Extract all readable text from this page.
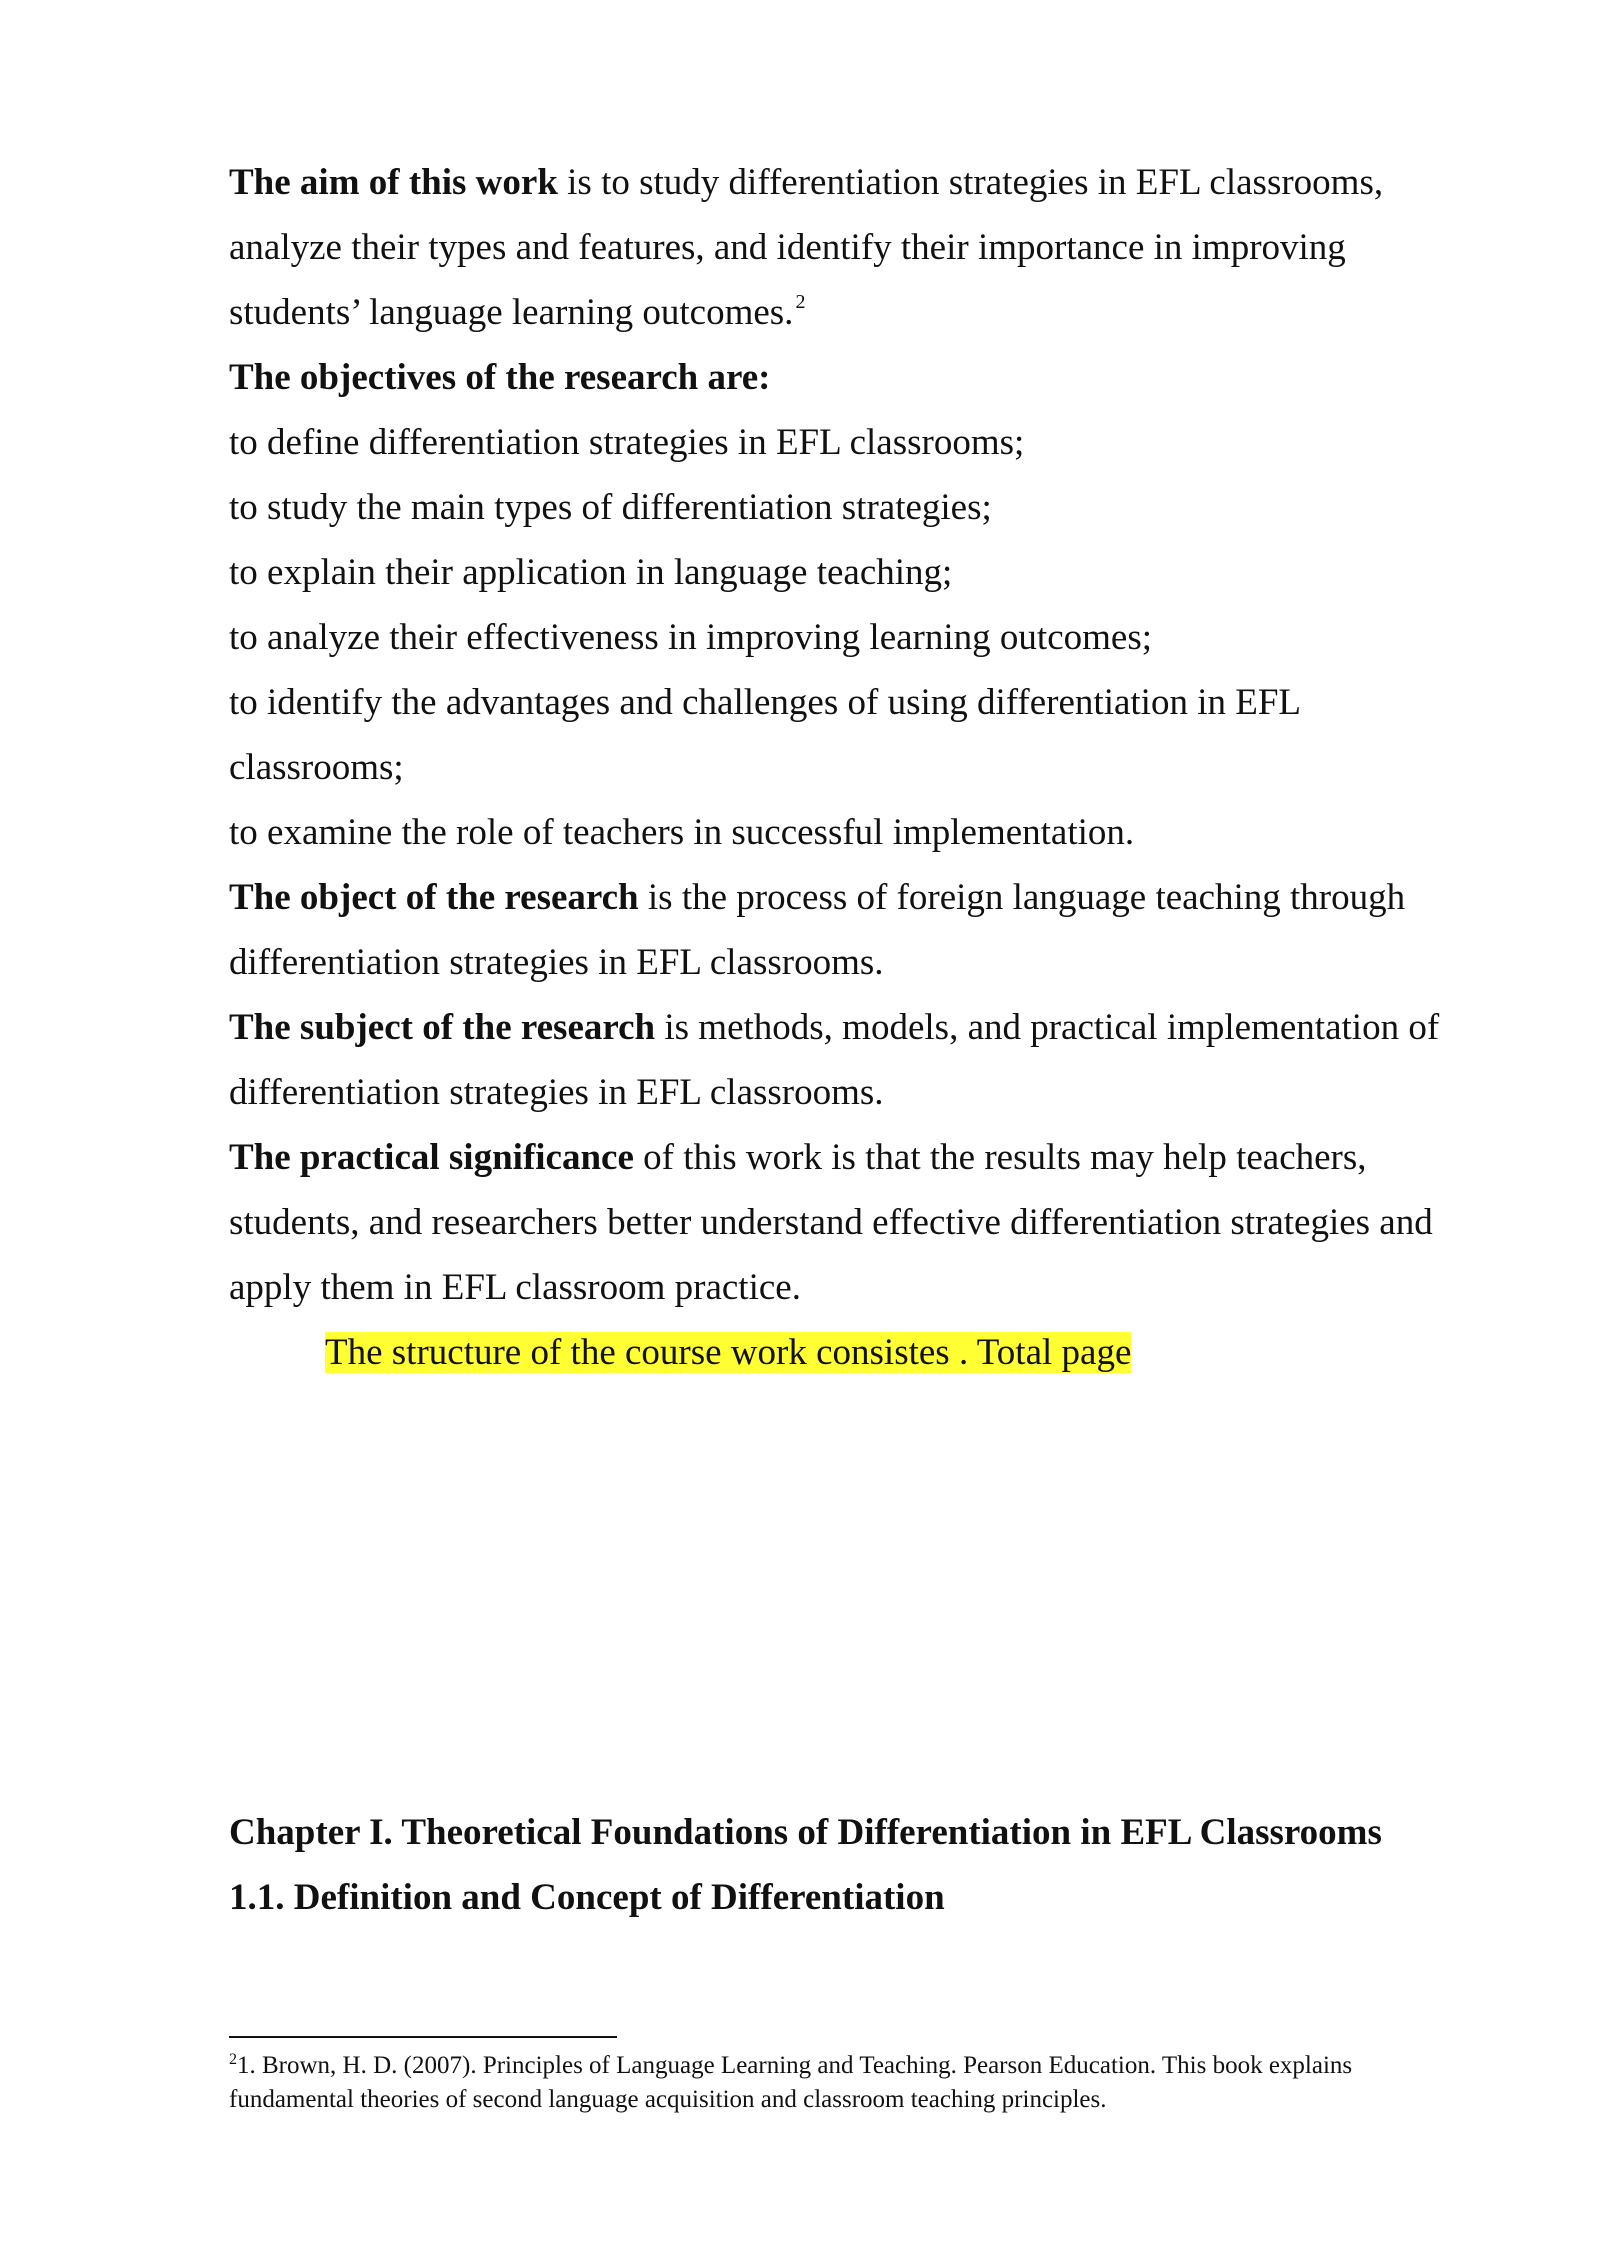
The aim of this work is to study differentiation strategies in EFL classrooms,
analyze their types and features, and identify their importance in improving
students’ language learning outcomes. $^2$
The objectives of the research are:
to define differentiation strategies in EFL classrooms;
to study the main types of differentiation strategies;
to explain their application in language teaching;
to analyze their effectiveness in improving learning outcomes;
to identify the advantages and challenges of using differentiation in EFL
classrooms;
to examine the role of teachers in successful implementation.
The object of the research is the process of foreign language teaching through
differentiation strategies in EFL classrooms.
The subject of the research is methods, models, and practical implementation of
differentiation strategies in EFL classrooms.
The practical significance of this work is that the results may help teachers,
students, and researchers better understand effective differentiation strategies and
apply them in EFL classroom practice.
The structure of the course work consistes . Total page
Chapter I. Theoretical Foundations of Differentiation in EFL Classrooms
1.1. Definition and Concept of Differentiation
$^2$1. Brown, H. D. (2007). Principles of Language Learning and Teaching. Pearson Education. This book explains
fundamental theories of second language acquisition and classroom teaching principles.
